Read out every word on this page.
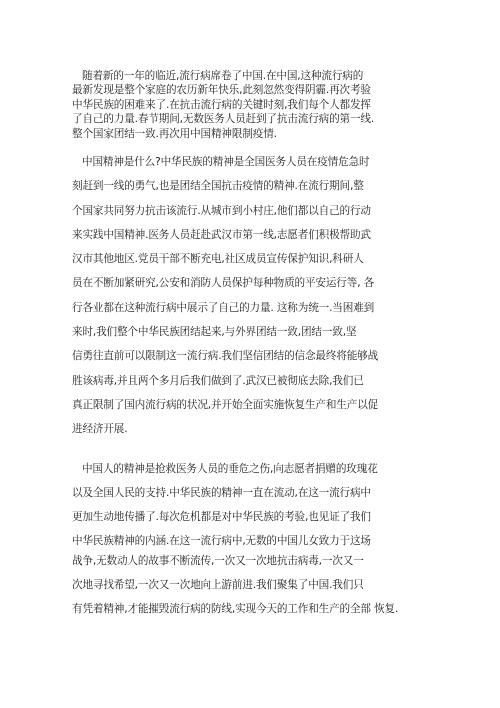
随着新的一年的临近,流行病席卷了中国.在中国,这种流行病的
最新发现是整个家庭的农历新年快乐,此刻忽然变得阴霾.再次考验
中华民族的困难来了.在抗击流行病的关键时刻,我们每个人都发挥
了自己的力量.春节期间,无数医务人员赶到了抗击流行病的第一线.
整个国家团结一致.再次用中国精神限制疫情.
中国精神是什么?中华民族的精神是全国医务人员在疫情危急时
刻赶到一线的勇气,也是团结全国抗击疫情的精神.在流行期间,整
个国家共同努力抗击该流行.从城市到小村庄,他们都以自己的行动
来实践中国精神.医务人员赶赴武汉市第一线,志愿者们积极帮助武
汉市其他地区.党员干部不断充电,社区成员宣传保护知识,科研人
员在不断加紧研究,公安和消防人员保护每种物质的平安运行等, 各
行各业都在这种流行病中展示了自己的力量. 这称为统一.当困难到
来时,我们整个中华民族团结起来,与外界团结一致,团结一致,坚
信勇往直前可以限制这一流行病.我们坚信团结的信念最终将能够战
胜该病毒,并且两个多月后我们做到了.武汉已被彻底去除,我们已
真正限制了国内流行病的状况,并开始全面实施恢复生产和生产以促
进经济开展.
中国人的精神是抢救医务人员的垂危之伤,向志愿者捐赠的玫瑰花
以及全国人民的支持.中华民族的精神一直在流动,在这一流行病中
更加生动地传播了.每次危机都是对中华民族的考验,也见证了我们
中华民族精神的内涵.在这一流行病中,无数的中国儿女致力于这场
战争,无数动人的故事不断流传,一次又一次地抗击病毒,一次又一
次地寻找希望,一次又一次地向上游前进.我们聚集了中国.我们只
有凭着精神,才能摧毁流行病的防线,实现今天的工作和生产的全部 恢复.
